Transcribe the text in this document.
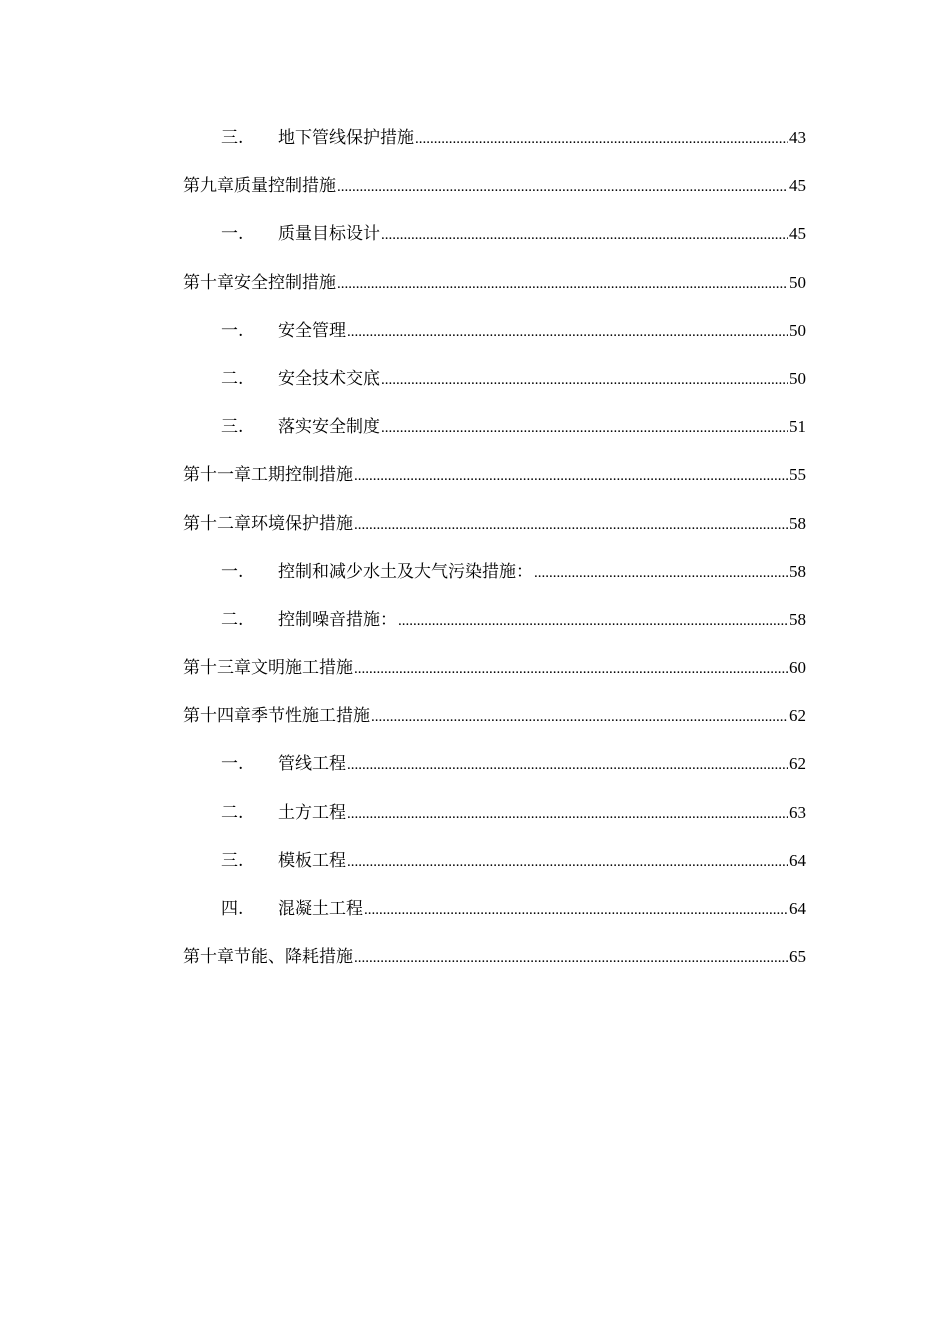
三.	地下管线保护措施 .....	43
第九章质量控制措施 .....	45
一.	质量目标设计 .....	45
第十章安全控制措施 .....	50
一.	安全管理 .....	50
二.	安全技术交底 .....	50
三.	落实安全制度 .....	51
第十一章工期控制措施 .....	55
第十二章环境保护措施 .....	58
一.	控制和减少水土及大气污染措施： .....	58
二.	控制噪音措施： .....	58
第十三章文明施工措施 .....	60
第十四章季节性施工措施 .....	62
一.	管线工程 .....	62
二.	土方工程 .....	63
三.	模板工程 .....	64
四.	混凝土工程 .....	64
第十章节能、降耗措施 .....	65
